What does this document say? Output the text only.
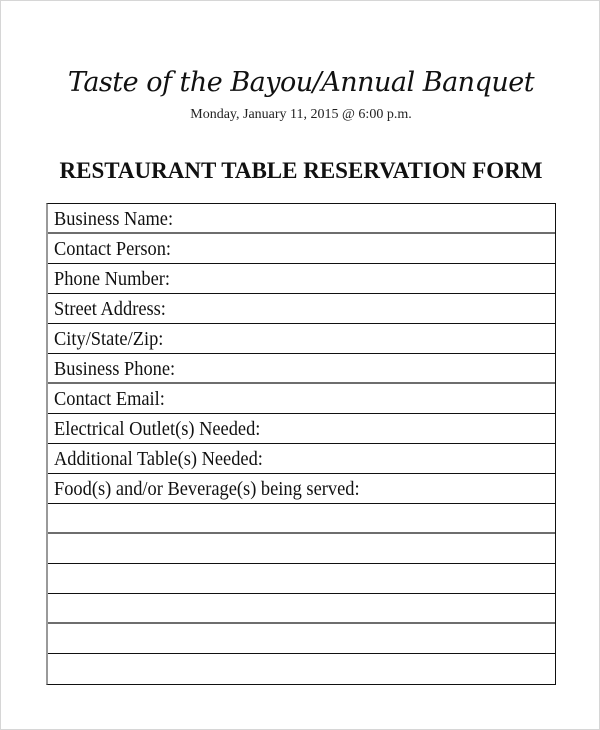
Taste of the Bayou/Annual Banquet
Monday, January 11, 2015 @ 6:00 p.m.
RESTAURANT TABLE RESERVATION FORM
Business Name:
Contact Person:
Phone Number:
Street Address:
City/State/Zip:
Business Phone:
Contact Email:
Electrical Outlet(s) Needed:
Additional Table(s) Needed:
Food(s) and/or Beverage(s) being served:
